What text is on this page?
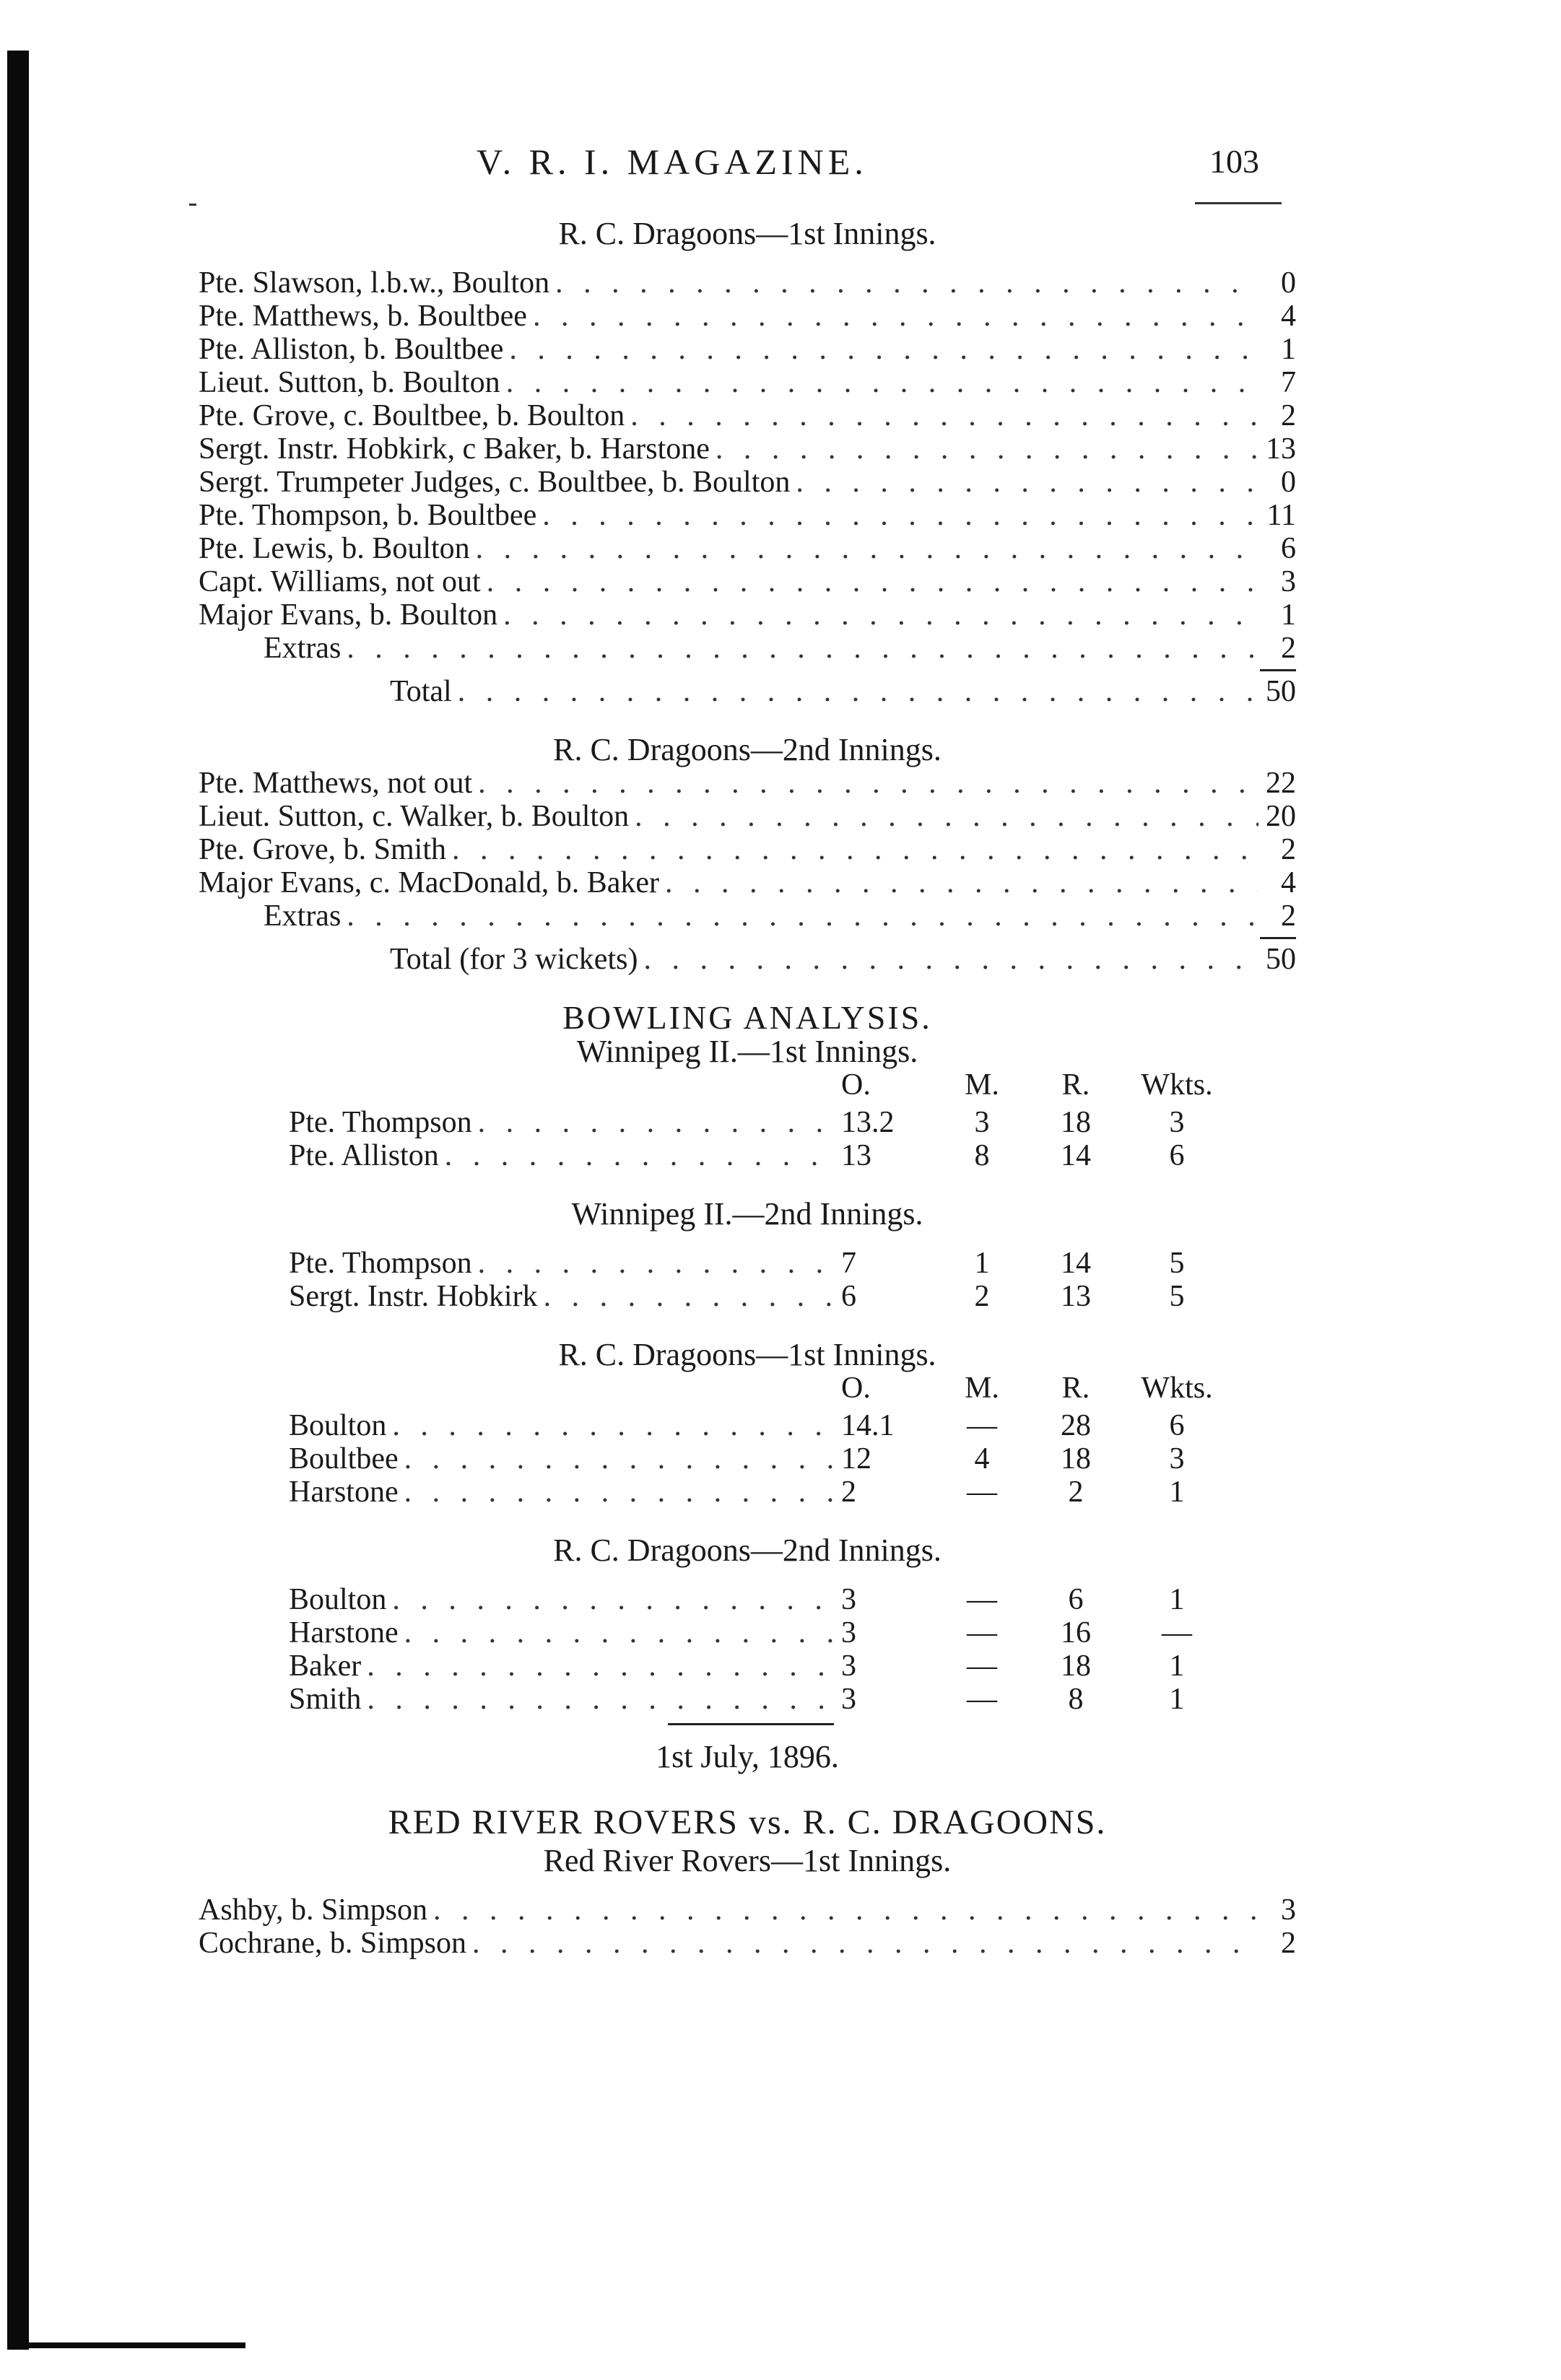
V. R. I. MAGAZINE.	103

R. C. Dragoons—1st Innings.

Pte. Slawson, l.b.w., Boulton . . .	0
Pte. Matthews, b. Boultbee . . .	4
Pte. Alliston, b. Boultbee . . .	1
Lieut. Sutton, b. Boulton . . .	7
Pte. Grove, c. Boultbee, b. Boulton . . .	2
Sergt. Instr. Hobkirk, c Baker, b. Harstone . . .	13
Sergt. Trumpeter Judges, c. Boultbee, b. Boulton . . .	0
Pte. Thompson, b. Boultbee . . .	11
Pte. Lewis, b. Boulton . . .	6
Capt. Williams, not out . . .	3
Major Evans, b. Boulton . . .	1
Extras . . .	2
Total . . .	50

R. C. Dragoons—2nd Innings.

Pte. Matthews, not out . . .	22
Lieut. Sutton, c. Walker, b. Boulton . . .	20
Pte. Grove, b. Smith . . .	2
Major Evans, c. MacDonald, b. Baker . . .	4
Extras . . .	2
Total (for 3 wickets) . . .	50

BOWLING ANALYSIS.

Winnipeg II.—1st Innings.

O.	M.	R.	Wkts.
Pte. Thompson . . .	13.2	3	18	3
Pte. Alliston . . .	13	8	14	6

Winnipeg II.—2nd Innings.

Pte. Thompson . . .	7	1	14	5
Sergt. Instr. Hobkirk . . .	6	2	13	5

R. C. Dragoons—1st Innings.

O.	M.	R.	Wkts.
Boulton . . .	14.1	—	28	6
Boultbee . . .	12	4	18	3
Harstone . . .	2	—	2	1

R. C. Dragoons—2nd Innings.

Boulton . . .	3	—	6	1
Harstone . . .	3	—	16	—
Baker . . .	3	—	18	1
Smith . . .	3	—	8	1

1st July, 1896.

RED RIVER ROVERS vs. R. C. DRAGOONS.

Red River Rovers—1st Innings.

Ashby, b. Simpson . . .	3
Cochrane, b. Simpson . . .	2
